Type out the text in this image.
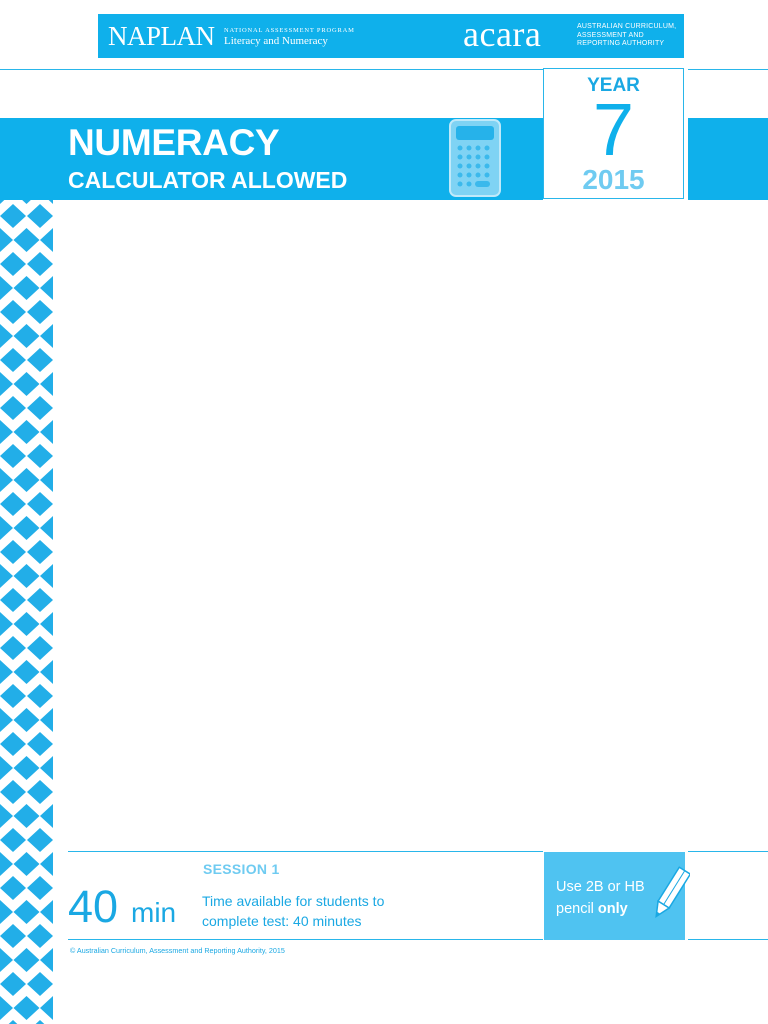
NAPLAN NATIONAL ASSESSMENT PROGRAM
Literacy and Numeracy	acara	AUSTRALIAN CURRICULUM,
ASSESSMENT AND
REPORTING AUTHORITY
NUMERACY
CALCULATOR ALLOWED
YEAR
7
2015
SESSION 1
40 min Time available for students to
complete test: 40 minutes
Use 2B or HB
pencil only
© Australian Curriculum, Assessment and Reporting Authority, 2015
